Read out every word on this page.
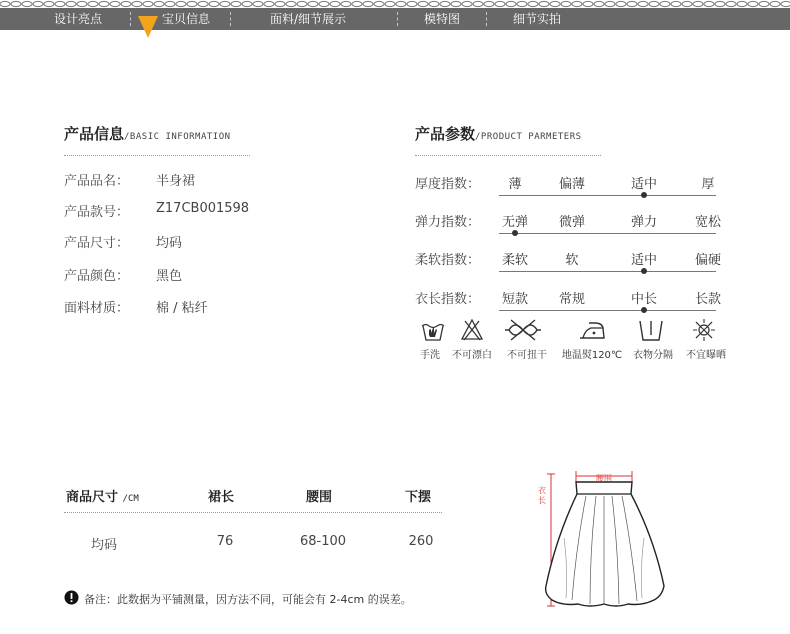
设计亮点	宝贝信息	面料/细节展示	模特图	细节实拍
产品信息/BASIC INFORMATION
产品品名： 半身裙
产品款号： Z17CB001598
产品尺寸： 均码
产品颜色： 黑色
面料材质： 棉 / 粘纤
产品参数/PRODUCT PARMETERS
厚度指数：	薄	偏薄	适中	厚
弹力指数：	无弹	微弹	弹力	宽松
柔软指数：	柔软	软	适中	偏硬
衣长指数：	短款	常规	中长	长款
手洗	不可漂白	不可扭干	地温熨120℃	衣物分隔	不宜曝晒
商品尺寸 /CM	裙长	腰围	下摆
均码	76	68-100	260
备注：此数据为平铺测量，因方法不同，可能会有 2-4cm 的误差。
腰围
衣长
